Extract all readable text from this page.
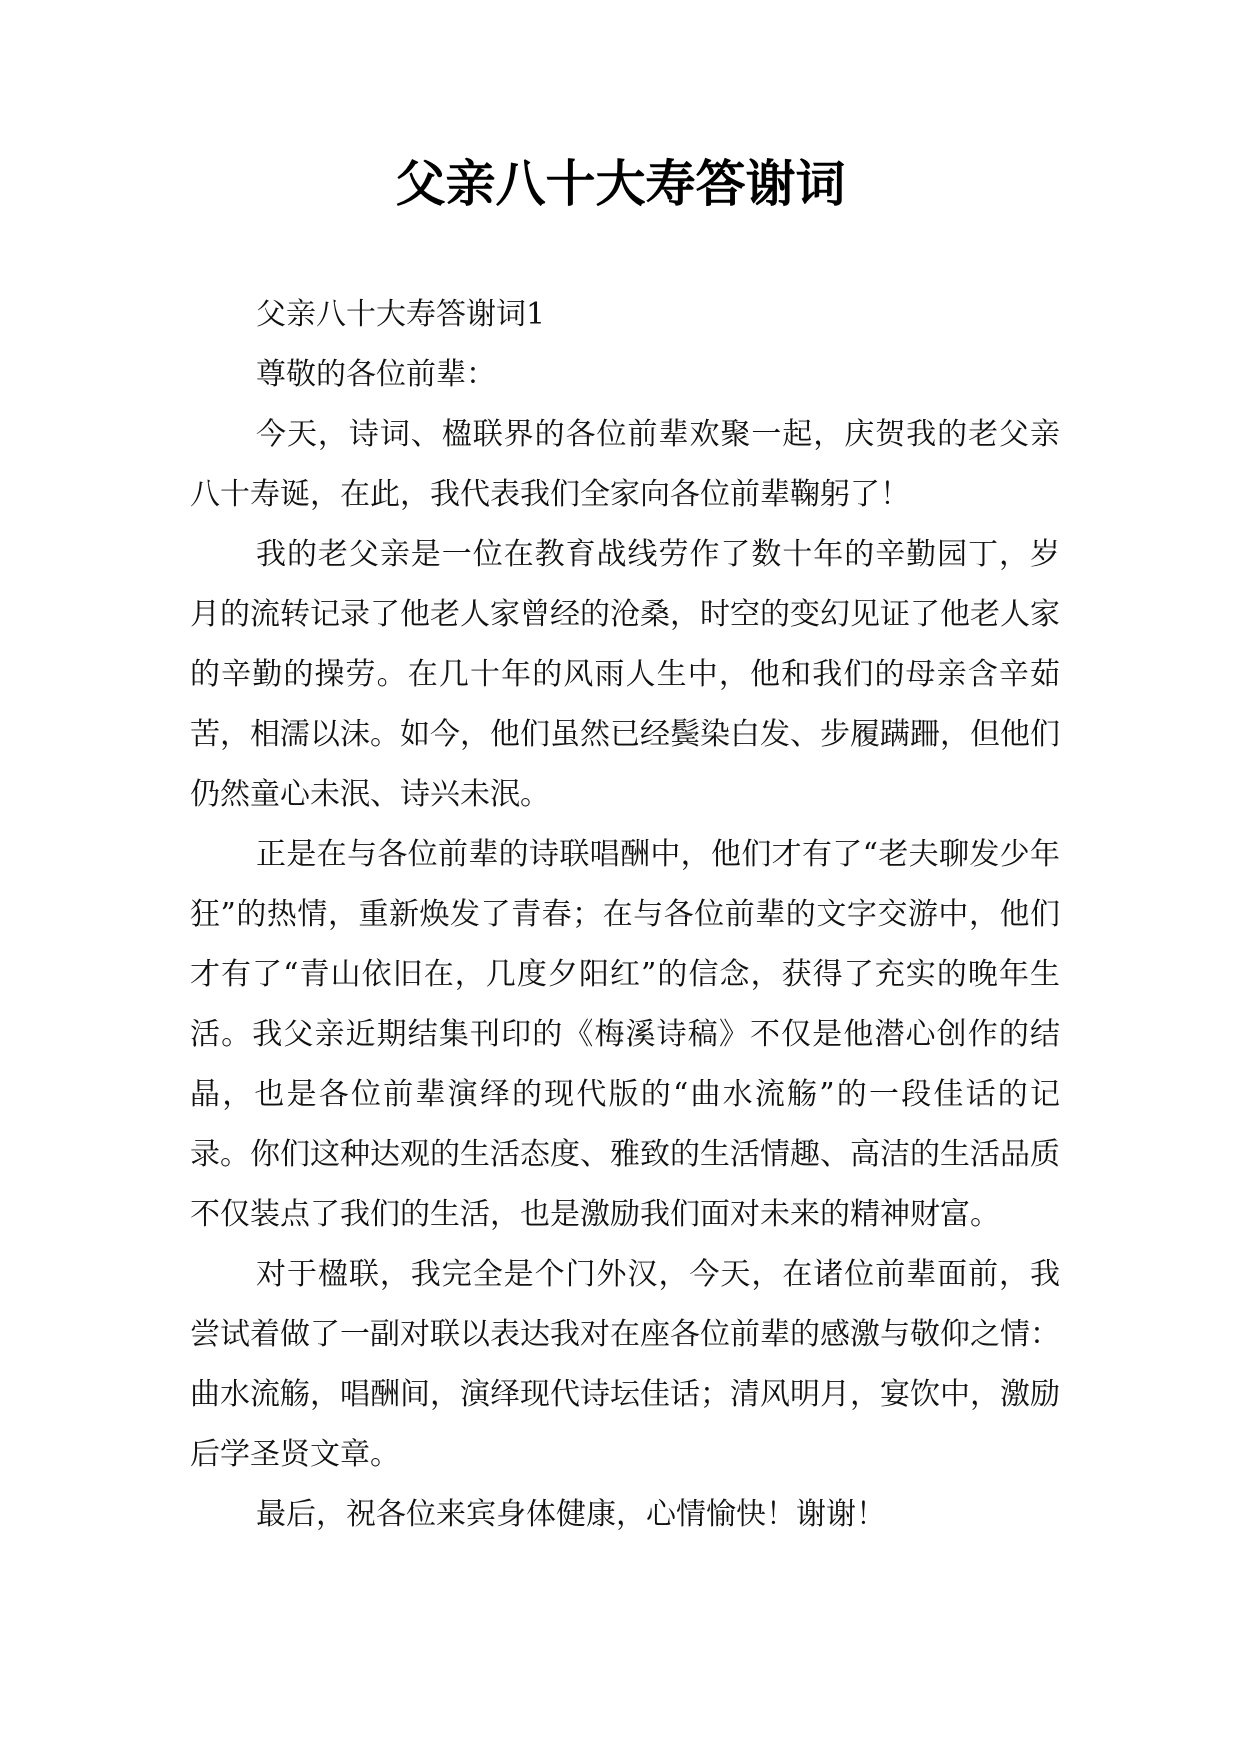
父亲八十大寿答谢词

父亲八十大寿答谢词1

尊敬的各位前辈：

今天，诗词、楹联界的各位前辈欢聚一起，庆贺我的老父亲八十寿诞，在此，我代表我们全家向各位前辈鞠躬了！

我的老父亲是一位在教育战线劳作了数十年的辛勤园丁，岁月的流转记录了他老人家曾经的沧桑，时空的变幻见证了他老人家的辛勤的操劳。在几十年的风雨人生中，他和我们的母亲含辛茹苦，相濡以沫。如今，他们虽然已经鬓染白发、步履蹒跚，但他们仍然童心未泯、诗兴未泯。

正是在与各位前辈的诗联唱酬中，他们才有了“老夫聊发少年狂”的热情，重新焕发了青春；在与各位前辈的文字交游中，他们才有了“青山依旧在，几度夕阳红”的信念，获得了充实的晚年生活。我父亲近期结集刊印的《梅溪诗稿》不仅是他潜心创作的结晶，也是各位前辈演绎的现代版的“曲水流觞”的一段佳话的记录。你们这种达观的生活态度、雅致的生活情趣、高洁的生活品质不仅装点了我们的生活，也是激励我们面对未来的精神财富。

对于楹联，我完全是个门外汉，今天，在诸位前辈面前，我尝试着做了一副对联以表达我对在座各位前辈的感激与敬仰之情：曲水流觞，唱酬间，演绎现代诗坛佳话；清风明月，宴饮中，激励后学圣贤文章。

最后，祝各位来宾身体健康，心情愉快！谢谢！
